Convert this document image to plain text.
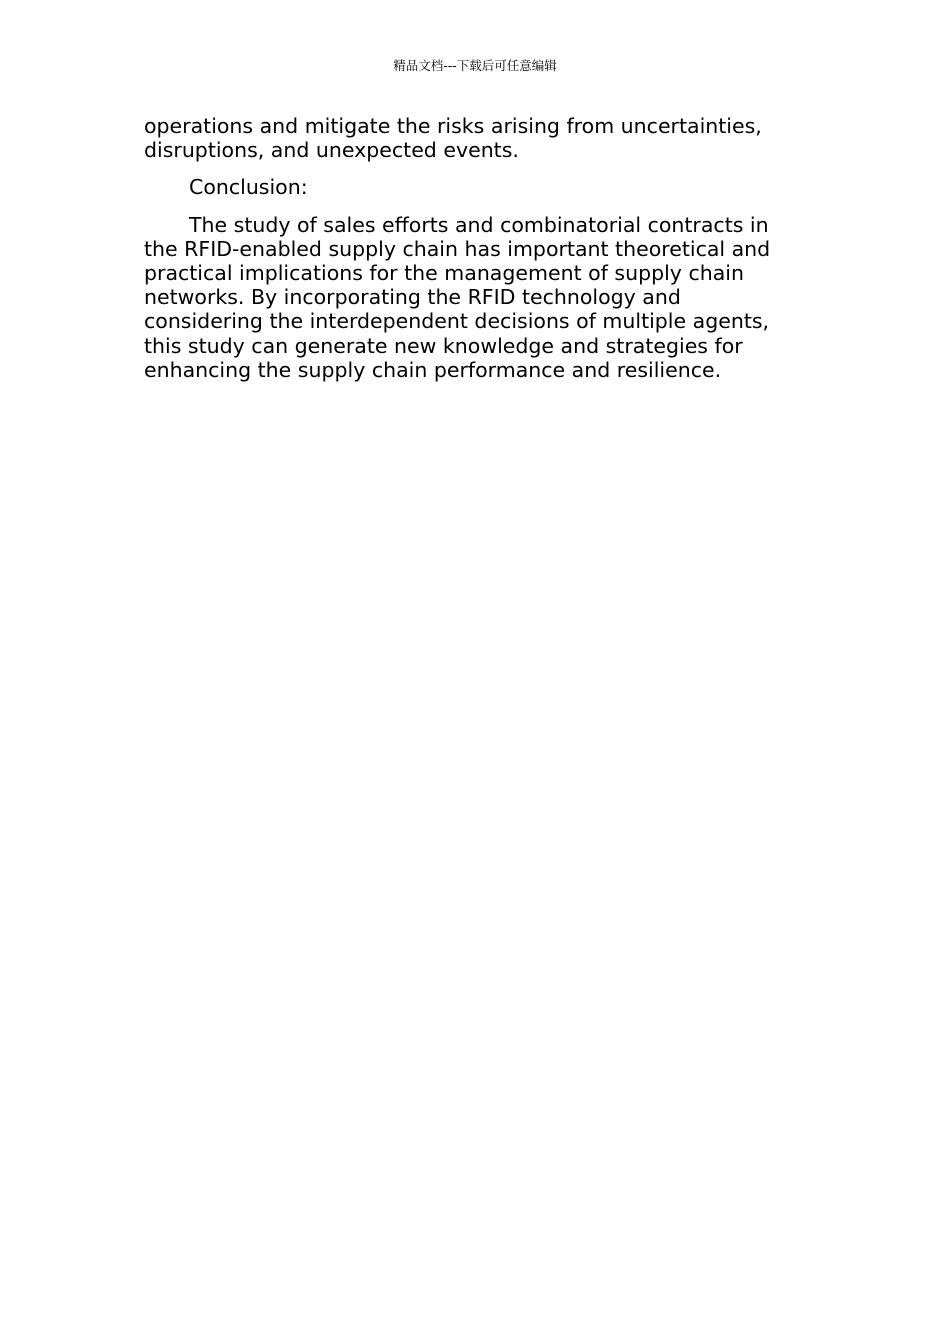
精品文档---下载后可任意编辑

operations and mitigate the risks arising from uncertainties,
disruptions, and unexpected events.

Conclusion:

The study of sales efforts and combinatorial contracts in
the RFID-enabled supply chain has important theoretical and
practical implications for the management of supply chain
networks. By incorporating the RFID technology and
considering the interdependent decisions of multiple agents,
this study can generate new knowledge and strategies for
enhancing the supply chain performance and resilience.
